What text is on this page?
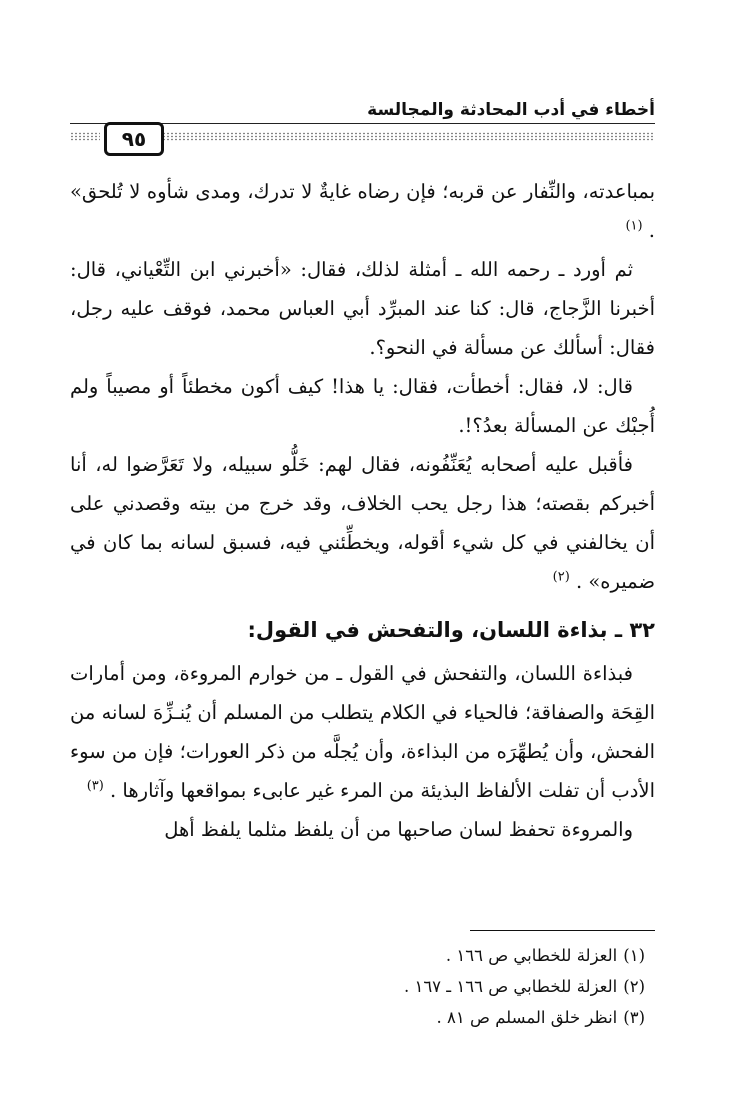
أخطاء في أدب المحادثة والمجالسة
٩٥

بمباعدته، والنِّفار عن قربه؛ فإن رضاه غايةٌ لا تدرك، ومدى شأوه لا تُلحق» . $^{(١)}$

ثم أورد ـ رحمه الله ـ أمثلة لذلك، فقال: «أخبرني ابن التِّعْياني، قال: أخبرنا الزَّجاج، قال: كنا عند المبرِّد أبي العباس محمد، فوقف عليه رجل، فقال: أسألك عن مسألة في النحو؟.

قال: لا، فقال: أخطأت، فقال: يا هذا! كيف أكون مخطئاً أو مصيباً ولم أُجبْك عن المسألة بعدُ؟!.

فأقبل عليه أصحابه يُعَنِّفُونه، فقال لهم: خَلُّو سبيله، ولا تَعَرَّضوا له، أنا أخبركم بقصته؛ هذا رجل يحب الخلاف، وقد خرج من بيته وقصدني على أن يخالفني في كل شيء أقوله، ويخطِّئني فيه، فسبق لسانه بما كان في ضميره» . $^{(٢)}$

٣٢ ـ بذاءة اللسان، والتفحش في القول:

فبذاءة اللسان، والتفحش في القول ـ من خوارم المروءة، ومن أمارات القِحَة والصفاقة؛ فالحياء في الكلام يتطلب من المسلم أن يُنـزِّهَ لسانه من الفحش، وأن يُطهِّرَه من البذاءة، وأن يُجلَّه من ذكر العورات؛ فإن من سوء الأدب أن تفلت الألفاظ البذيئة من المرء غير عابىء بمواقعها وآثارها . $^{(٣)}$

والمروءة تحفظ لسان صاحبها من أن يلفظ مثلما يلفظ أهل

(١)العزلة للخطابي ص ١٦٦ .
(٢)العزلة للخطابي ص ١٦٦ ـ ١٦٧ .
(٣)انظر خلق المسلم ص ٨١ .
